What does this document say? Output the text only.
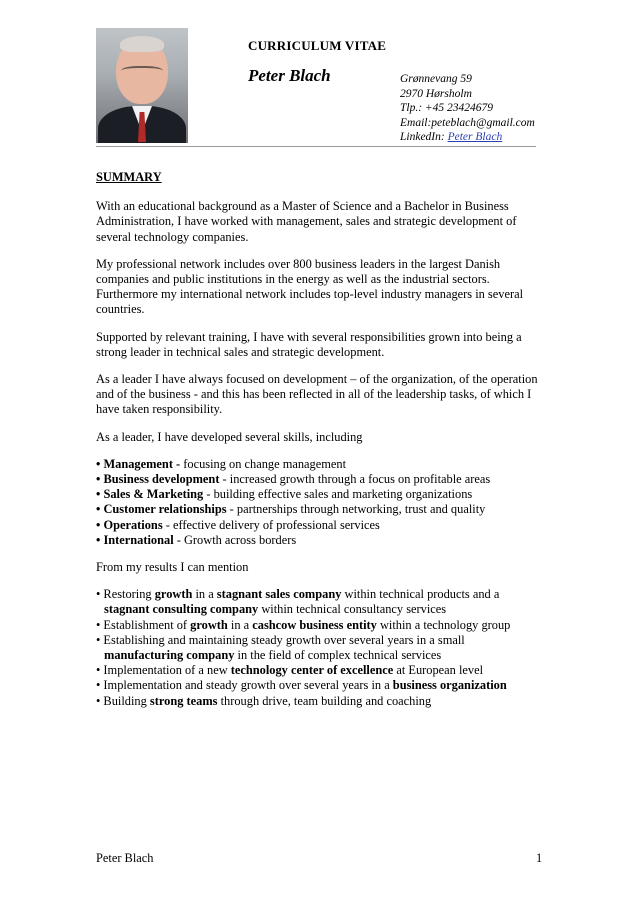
CURRICULUM VITAE
Peter Blach	Grønnevang 59
2970 Hørsholm
Tlp.: +45 23424679
Email:peteblach@gmail.com
LinkedIn: Peter Blach
SUMMARY

With an educational background as a Master of Science and a Bachelor in Business Administration, I have worked with management, sales and strategic development of several technology companies.

My professional network includes over 800 business leaders in the largest Danish companies and public institutions in the energy as well as the industrial sectors. Furthermore my international network includes top-level industry managers in several countries.

Supported by relevant training, I have with several responsibilities grown into being a strong leader in technical sales and strategic development.

As a leader I have always focused on development – of the organization, of the operation and of the business - and this has been reflected in all of the leadership tasks, of which I have taken responsibility.

As a leader, I have developed several skills, including

• Management - focusing on change management
• Business development - increased growth through a focus on profitable areas
• Sales & Marketing - building effective sales and marketing organizations
• Customer relationships - partnerships through networking, trust and quality
• Operations - effective delivery of professional services
• International - Growth across borders

From my results I can mention

• Restoring growth in a stagnant sales company within technical products and a stagnant consulting company within technical consultancy services
• Establishment of growth in a cashcow business entity within a technology group
• Establishing and maintaining steady growth over several years in a small manufacturing company in the field of complex technical services
• Implementation of a new technology center of excellence at European level
• Implementation and steady growth over several years in a business organization
• Building strong teams through drive, team building and coaching
Peter Blach	1
